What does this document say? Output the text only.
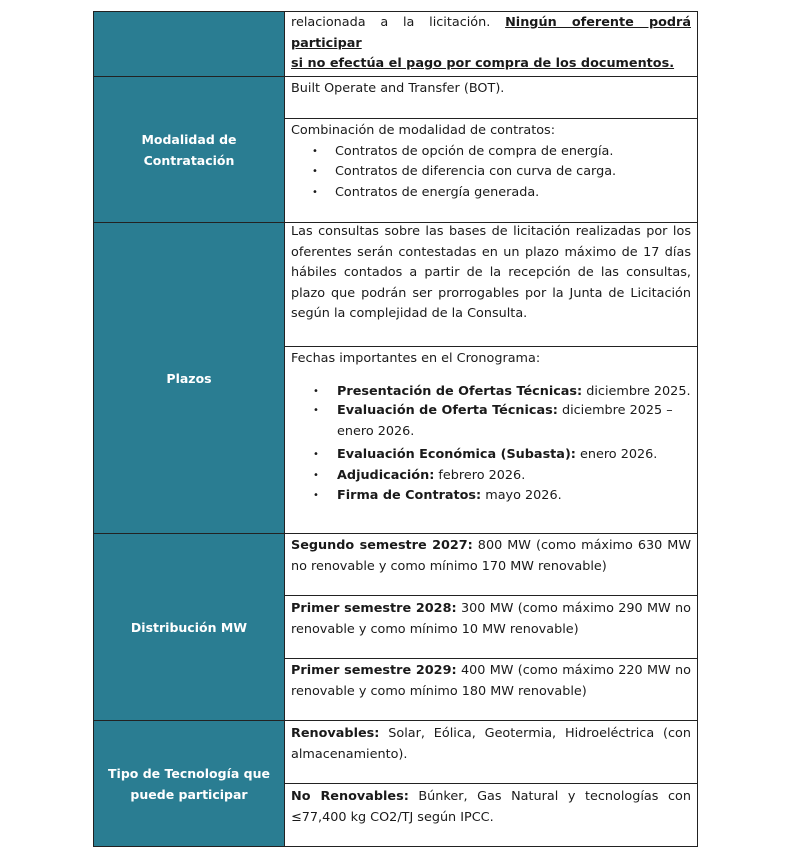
relacionada a la licitación. Ningún oferente podrá participar
si no efectúa el pago por compra de los documentos.
Modalidad de Contratación
Built Operate and Transfer (BOT).
Combinación de modalidad de contratos:
• Contratos de opción de compra de energía.
• Contratos de diferencia con curva de carga.
• Contratos de energía generada.
Plazos
Las consultas sobre las bases de licitación realizadas por los oferentes serán contestadas en un plazo máximo de 17 días hábiles contados a partir de la recepción de las consultas, plazo que podrán ser prorrogables por la Junta de Licitación según la complejidad de la Consulta.
Fechas importantes en el Cronograma:
• Presentación de Ofertas Técnicas: diciembre 2025.
• Evaluación de Oferta Técnicas: diciembre 2025 – enero 2026.
• Evaluación Económica (Subasta): enero 2026.
• Adjudicación: febrero 2026.
• Firma de Contratos: mayo 2026.
Distribución MW
Segundo semestre 2027: 800 MW (como máximo 630 MW no renovable y como mínimo 170 MW renovable)
Primer semestre 2028: 300 MW (como máximo 290 MW no renovable y como mínimo 10 MW renovable)
Primer semestre 2029: 400 MW (como máximo 220 MW no renovable y como mínimo 180 MW renovable)
Tipo de Tecnología que puede participar
Renovables: Solar, Eólica, Geotermia, Hidroeléctrica (con almacenamiento).
No Renovables: Búnker, Gas Natural y tecnologías con ≤77,400 kg CO2/TJ según IPCC.
